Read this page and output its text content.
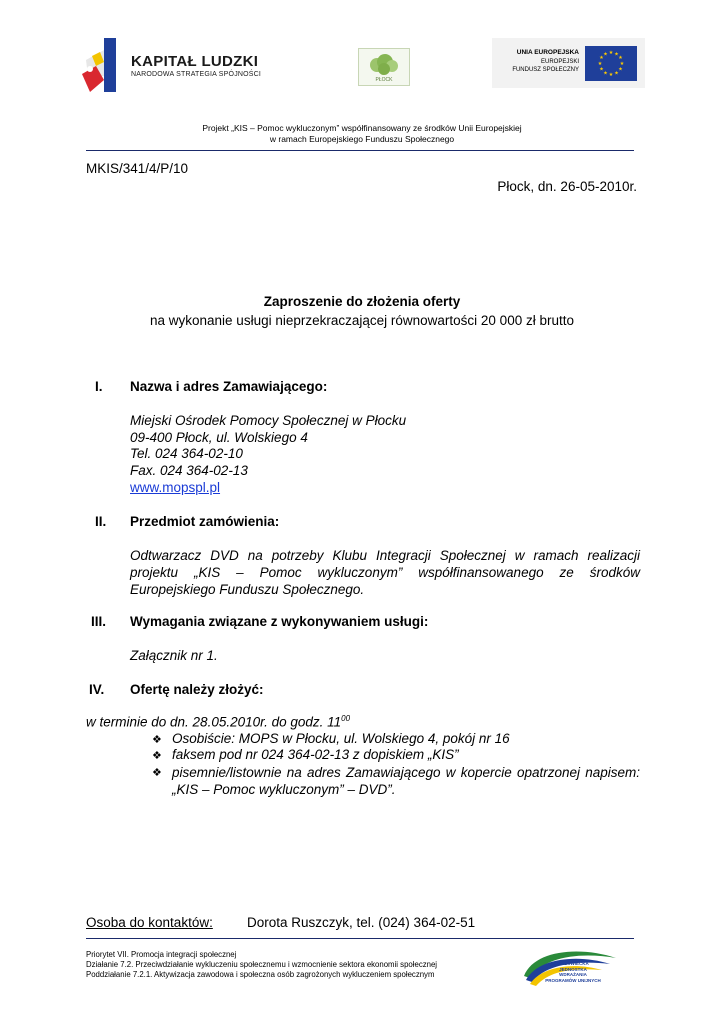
KAPITAŁ LUDZKI
NARODOWA STRATEGIA SPÓJNOŚCI
PŁOCK
UNIA EUROPEJSKA
EUROPEJSKI
FUNDUSZ SPOŁECZNY
★ ★
★
★
★
★
★
★
★
★
★
★
Projekt „KIS – Pomoc wykluczonym” współfinansowany ze środków Unii Europejskiej
w ramach Europejskiego Funduszu Społecznego
MKIS/341/4/P/10
Płock, dn. 26-05-2010r.
Zaproszenie do złożenia oferty
na wykonanie usługi nieprzekraczającej równowartości 20 000 zł brutto
I. Nazwa i adres Zamawiającego:
Miejski Ośrodek Pomocy Społecznej w Płocku
09-400 Płock, ul. Wolskiego 4
Tel. 024 364-02-10
Fax. 024 364-02-13
www.mopspl.pl
II. Przedmiot zamówienia:
Odtwarzacz DVD na potrzeby Klubu Integracji Społecznej w ramach realizacji projektu „KIS – Pomoc wykluczonym” współfinansowanego ze środków Europejskiego Funduszu Społecznego.
III. Wymagania związane z wykonywaniem usługi:
Załącznik nr 1.
IV. Ofertę należy złożyć:
w terminie do dn. 28.05.2010r. do godz. $11^{00}$
❖ Osobiście: MOPS w Płocku, ul. Wolskiego 4, pokój nr 16
❖ faksem pod nr 024 364-02-13 z dopiskiem „KIS”
❖ pisemnie/listownie na adres Zamawiającego w kopercie opatrzonej napisem: „KIS – Pomoc wykluczonym” – DVD”.
Osoba do kontaktów:	Dorota Ruszczyk, tel. (024) 364-02-51
Priorytet VII. Promocja integracji społecznej
Działanie 7.2. Przeciwdziałanie wykluczeniu społecznemu i wzmocnienie sektora ekonomii społecznej
Poddziałanie 7.2.1. Aktywizacja zawodowa i społeczna osób zagrożonych wykluczeniem społecznym
MAZOWIECKA JEDNOSTKA
WDRAŻANIA
PROGRAMÓW UNIJNYCH
